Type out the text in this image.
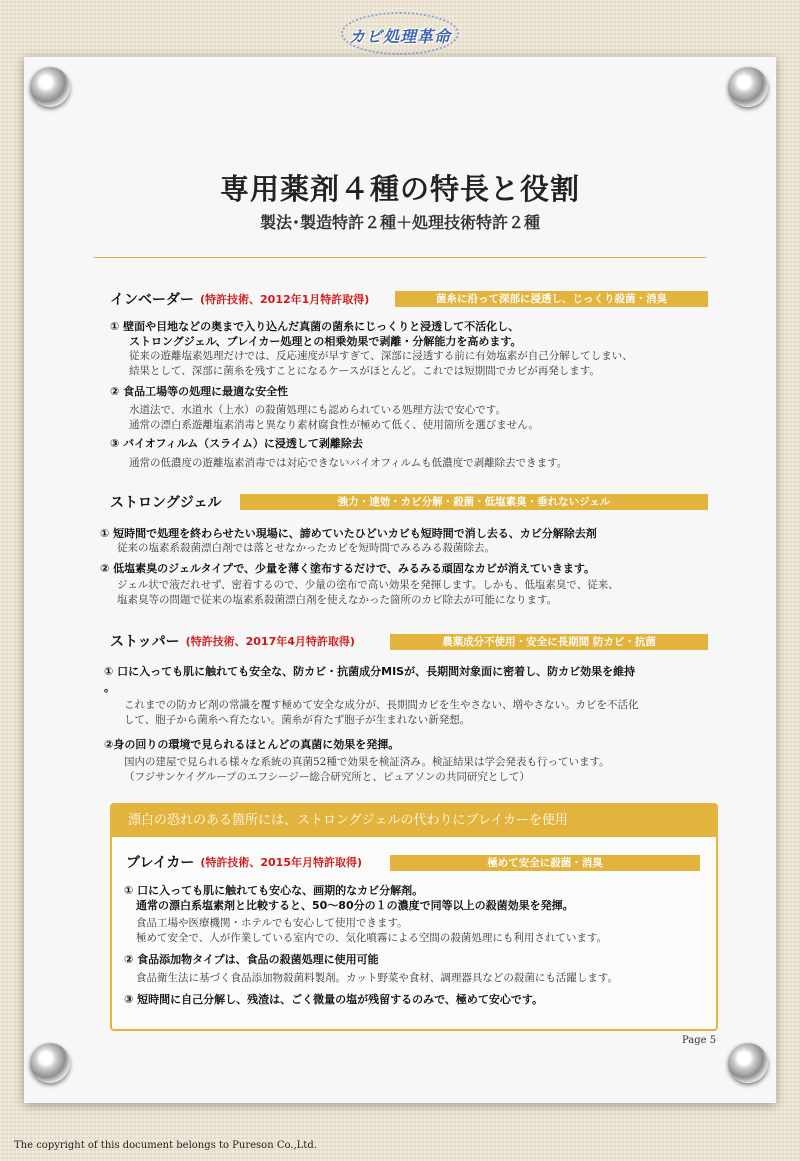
カビ処理革命
専用薬剤４種の特長と役割
製法･製造特許２種＋処理技術特許２種
インベーダー (特許技術、2012年1月特許取得)	菌糸に沿って深部に浸透し、じっくり殺菌・消臭
① 壁面や目地などの奥まで入り込んだ真菌の菌糸にじっくりと浸透して不活化し、
ストロングジェル、ブレイカー処理との相乗効果で剥離・分解能力を高めます。
従来の遊離塩素処理だけでは、反応速度が早すぎて、深部に浸透する前に有効塩素が自己分解してしまい、
結果として、深部に菌糸を残すことになるケースがほとんど。これでは短期間でカビが再発します。
② 食品工場等の処理に最適な安全性
水道法で、水道水（上水）の殺菌処理にも認められている処理方法で安心です。
通常の漂白系遊離塩素消毒と異なり素材腐食性が極めて低く、使用箇所を選びません。
③ バイオフィルム（スライム）に浸透して剥離除去
通常の低濃度の遊離塩素消毒では対応できないバイオフィルムも低濃度で剥離除去できます。
ストロングジェル	強力・速効・カビ分解・殺菌・低塩素臭・垂れないジェル
① 短時間で処理を終わらせたい現場に、諦めていたひどいカビも短時間で消し去る、カビ分解除去剤
従来の塩素系殺菌漂白剤では落とせなかったカビを短時間でみるみる殺菌除去。
② 低塩素臭のジェルタイプで、少量を薄く塗布するだけで、みるみる頑固なカビが消えていきます。
ジェル状で液だれせず、密着するので、少量の塗布で高い効果を発揮します。しかも、低塩素臭で、従来、
塩素臭等の問題で従来の塩素系殺菌漂白剤を使えなかった箇所のカビ除去が可能になります。
ストッパー (特許技術、2017年4月特許取得)	農薬成分不使用・安全に長期間 防カビ・抗菌
① 口に入っても肌に触れても安全な、防カビ・抗菌成分MISが、長期間対象面に密着し、防カビ効果を維持
。
これまでの防カビ剤の常識を覆す極めて安全な成分が、長期間カビを生やさない、増やさない。カビを不活化
して、胞子から菌糸へ育たない。菌糸が育たず胞子が生まれない新発想。
②身の回りの環境で見られるほとんどの真菌に効果を発揮。
国内の建屋で見られる様々な系統の真菌52種で効果を検証済み。検証結果は学会発表も行っています。
（フジサンケイグループのエフシージー総合研究所と、ピュアソンの共同研究として）
漂白の恐れのある箇所には、ストロングジェルの代わりにブレイカーを使用
ブレイカー (特許技術、2015年月特許取得)	極めて安全に殺菌・消臭
① 口に入っても肌に触れても安心な、画期的なカビ分解剤。
通常の漂白系塩素剤と比較すると、50〜80分の１の濃度で同等以上の殺菌効果を発揮。
食品工場や医療機関・ホテルでも安心して使用できます。
極めて安全で、人が作業している室内での、気化噴霧による空間の殺菌処理にも利用されています。
② 食品添加物タイプは、食品の殺菌処理に使用可能
食品衛生法に基づく食品添加物殺菌料製剤。カット野菜や食材、調理器具などの殺菌にも活躍します。
③ 短時間に自己分解し、残渣は、ごく微量の塩が残留するのみで、極めて安心です。
Page 5
The copyright of this document belongs to Pureson Co.,Ltd.
